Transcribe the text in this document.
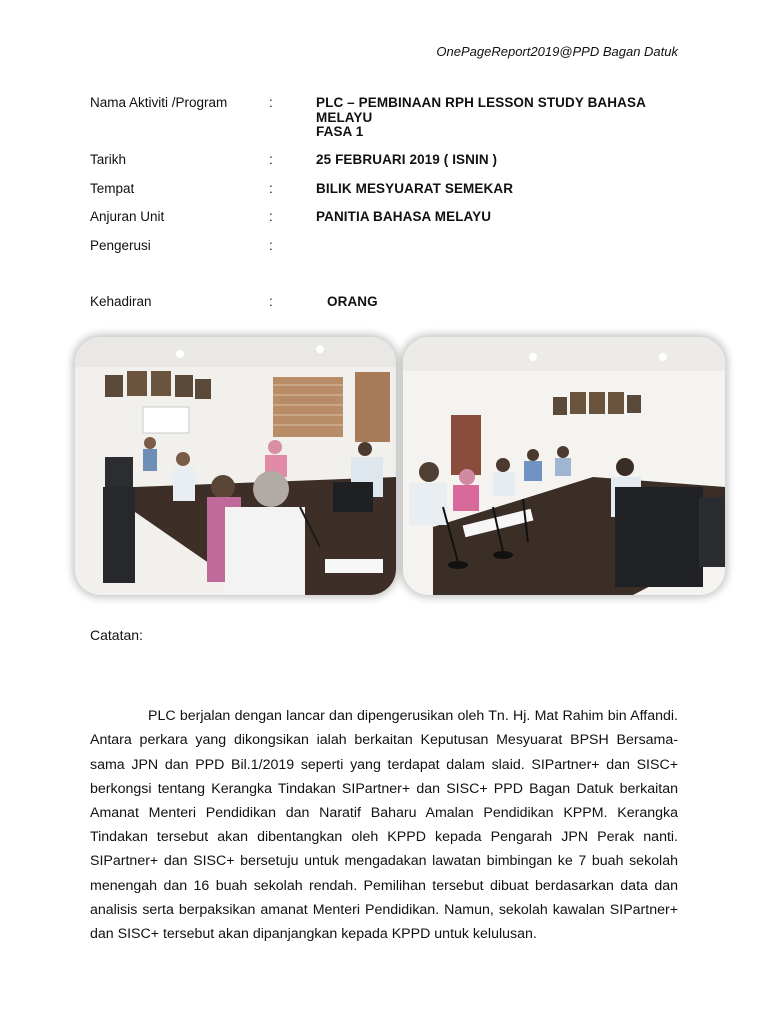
OnePageReport2019@PPD Bagan Datuk
Nama Aktiviti /Program	:	PLC – PEMBINAAN RPH LESSON STUDY BAHASA MELAYU
FASA 1
Tarikh	:	25 FEBRUARI 2019 ( ISNIN )
Tempat	:	BILIK MESYUARAT SEMEKAR
Anjuran Unit	:	PANITIA BAHASA MELAYU
Pengerusi	:
Kehadiran	:	ORANG
Catatan:

PLC berjalan dengan lancar dan dipengerusikan oleh Tn. Hj. Mat Rahim bin Affandi. Antara perkara yang dikongsikan ialah berkaitan Keputusan Mesyuarat BPSH Bersama-sama JPN dan PPD Bil.1/2019 seperti yang terdapat dalam slaid. SIPartner+ dan SISC+ berkongsi tentang Kerangka Tindakan SIPartner+ dan SISC+ PPD Bagan Datuk berkaitan Amanat Menteri Pendidikan dan Naratif Baharu Amalan Pendidikan KPPM. Kerangka Tindakan tersebut akan dibentangkan oleh KPPD kepada Pengarah JPN Perak nanti. SIPartner+ dan SISC+ bersetuju untuk mengadakan lawatan bimbingan ke 7 buah sekolah menengah dan 16 buah sekolah rendah. Pemilihan tersebut dibuat berdasarkan data dan analisis serta berpaksikan amanat Menteri Pendidikan. Namun, sekolah kawalan SIPartner+ dan SISC+ tersebut akan dipanjangkan kepada KPPD untuk kelulusan.
